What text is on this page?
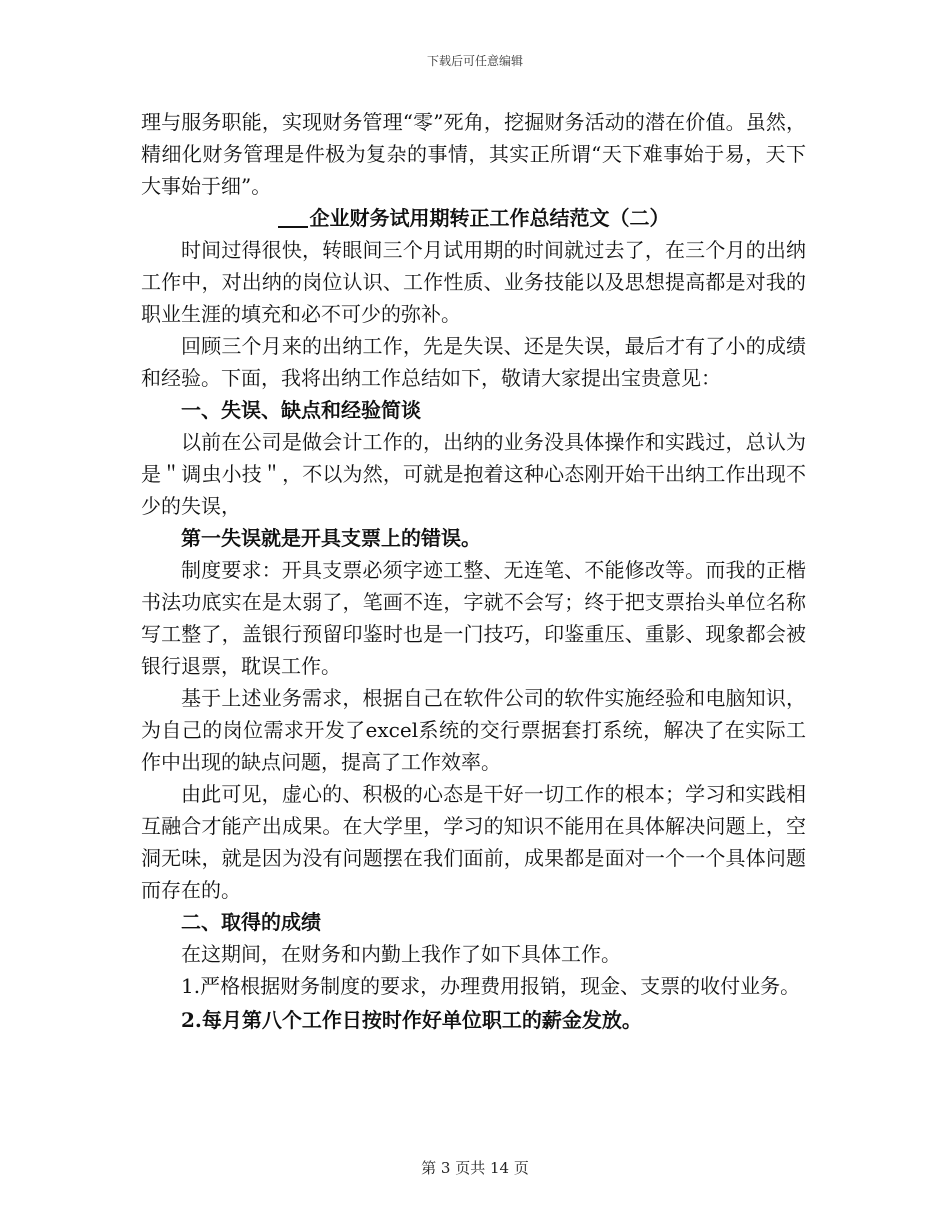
下载后可任意编辑

理与服务职能，实现财务管理“零”死角，挖掘财务活动的潜在价值。虽然，精细化财务管理是件极为复杂的事情，其实正所谓“天下难事始于易，天下大事始于细”。

企业财务试用期转正工作总结范文（二）

时间过得很快，转眼间三个月试用期的时间就过去了，在三个月的出纳工作中，对出纳的岗位认识、工作性质、业务技能以及思想提高都是对我的职业生涯的填充和必不可少的弥补。

回顾三个月来的出纳工作，先是失误、还是失误，最后才有了小的成绩和经验。下面，我将出纳工作总结如下，敬请大家提出宝贵意见：

一、失误、缺点和经验简谈

以前在公司是做会计工作的，出纳的业务没具体操作和实践过，总认为是＂调虫小技＂，不以为然，可就是抱着这种心态刚开始干出纳工作出现不少的失误，

第一失误就是开具支票上的错误。

制度要求：开具支票必须字迹工整、无连笔、不能修改等。而我的正楷书法功底实在是太弱了，笔画不连，字就不会写；终于把支票抬头单位名称写工整了，盖银行预留印鉴时也是一门技巧，印鉴重压、重影、现象都会被银行退票，耽误工作。

基于上述业务需求，根据自己在软件公司的软件实施经验和电脑知识，为自己的岗位需求开发了excel系统的交行票据套打系统，解决了在实际工作中出现的缺点问题，提高了工作效率。

由此可见，虚心的、积极的心态是干好一切工作的根本；学习和实践相互融合才能产出成果。在大学里，学习的知识不能用在具体解决问题上，空洞无味，就是因为没有问题摆在我们面前，成果都是面对一个一个具体问题而存在的。

二、取得的成绩

在这期间，在财务和内勤上我作了如下具体工作。

1.严格根据财务制度的要求，办理费用报销，现金、支票的收付业务。

2.每月第八个工作日按时作好单位职工的薪金发放。

第 3 页共 14 页
